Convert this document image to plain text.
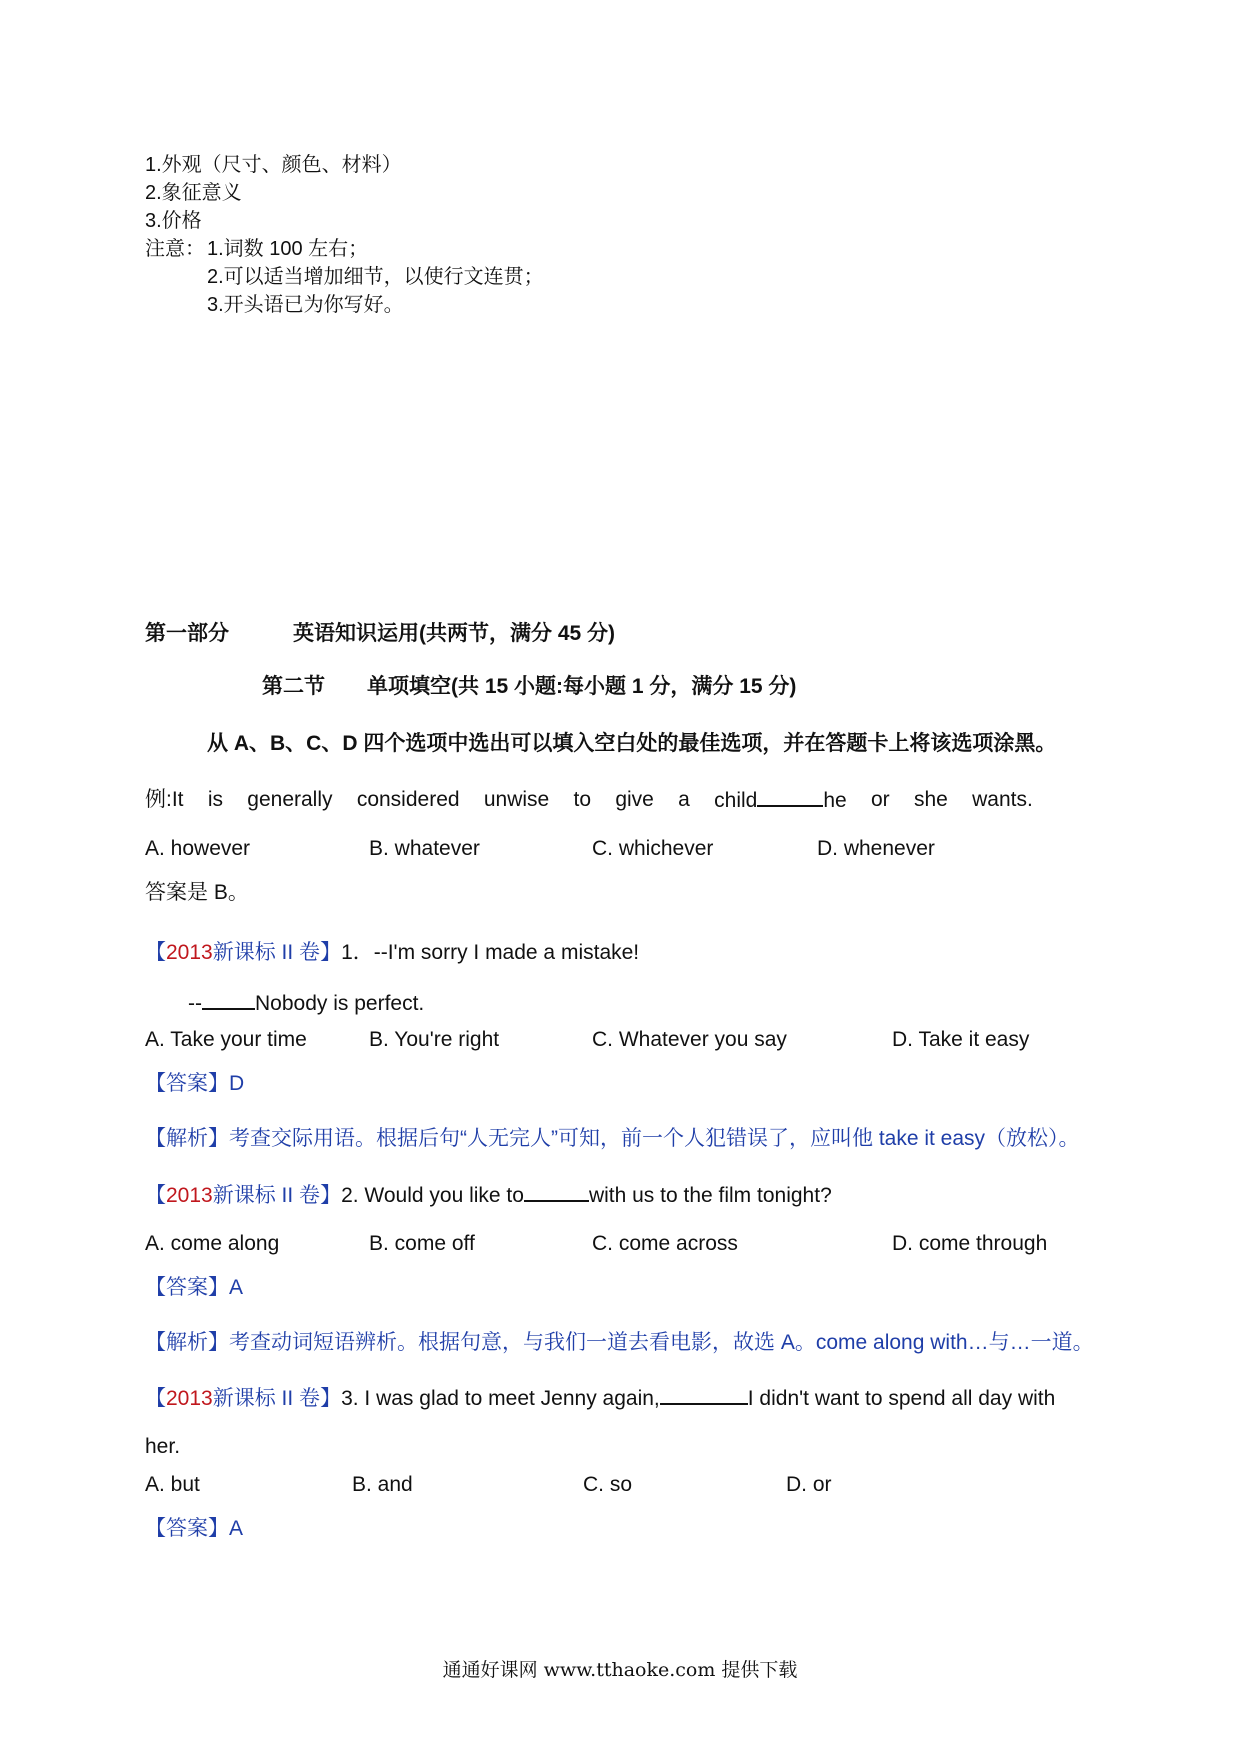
1.外观（尺寸、颜色、材料）
2.象征意义
3.价格
注意： 1.词数 100 左右；
2.可以适当增加细节，以使行文连贯；
3.开头语已为你写好。
第一部分	英语知识运用(共两节，满分 45 分)
第二节 单项填空(共 15 小题:每小题 1 分，满分 15 分)
从 A、B、C、D 四个选项中选出可以填入空白处的最佳选项，并在答题卡上将该选项涂黑。
例:It is generally considered unwise to give a child	he or she wants.
A. however	B. whatever	C. whichever	D. whenever
答案是 B。
【2013新课标 II 卷】1．--I'm sorry I made a mistake!
--	Nobody is perfect.
A. Take your time	B. You're right	C. Whatever you say	D. Take it easy
【答案】D
【解析】考查交际用语。根据后句“人无完人”可知，前一个人犯错误了，应叫他 take it easy（放松）。
【2013新课标 II 卷】2. Would you like to	with us to the film tonight?
A. come along	B. come off	C. come across	D. come through
【答案】A
【解析】考查动词短语辨析。根据句意，与我们一道去看电影，故选 A。come along with…与…一道。
【2013新课标 II 卷】3. I was glad to meet Jenny again,	I didn't want to spend all day with
her.
A. but	B. and	C. so	D. or
【答案】A
通通好课网 www.tthaoke.com 提供下载
